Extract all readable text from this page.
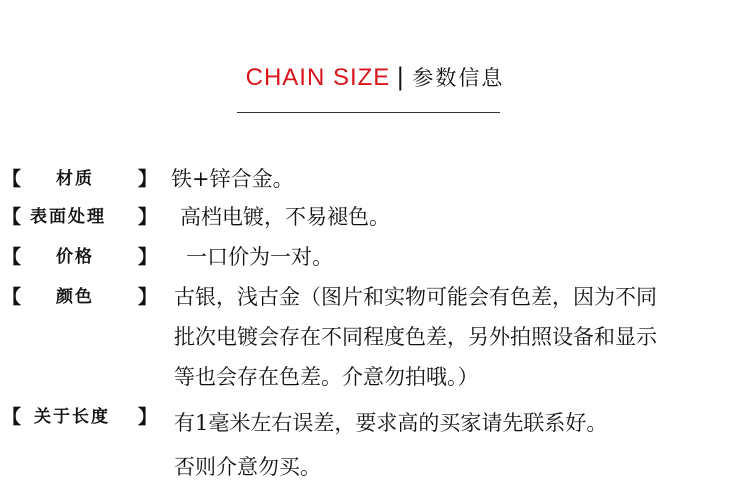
CHAIN SIZE | 参数信息
【 材质 】 铁+锌合金。
【 表面处理 】 高档电镀，不易褪色。
【 价格 】 一口价为一对。
【 颜色 】 古银，浅古金（图片和实物可能会有色差，因为不同
批次电镀会存在不同程度色差，另外拍照设备和显示
等也会存在色差。介意勿拍哦。）
【 关于长度 】 有1毫米左右误差，要求高的买家请先联系好。
否则介意勿买。
